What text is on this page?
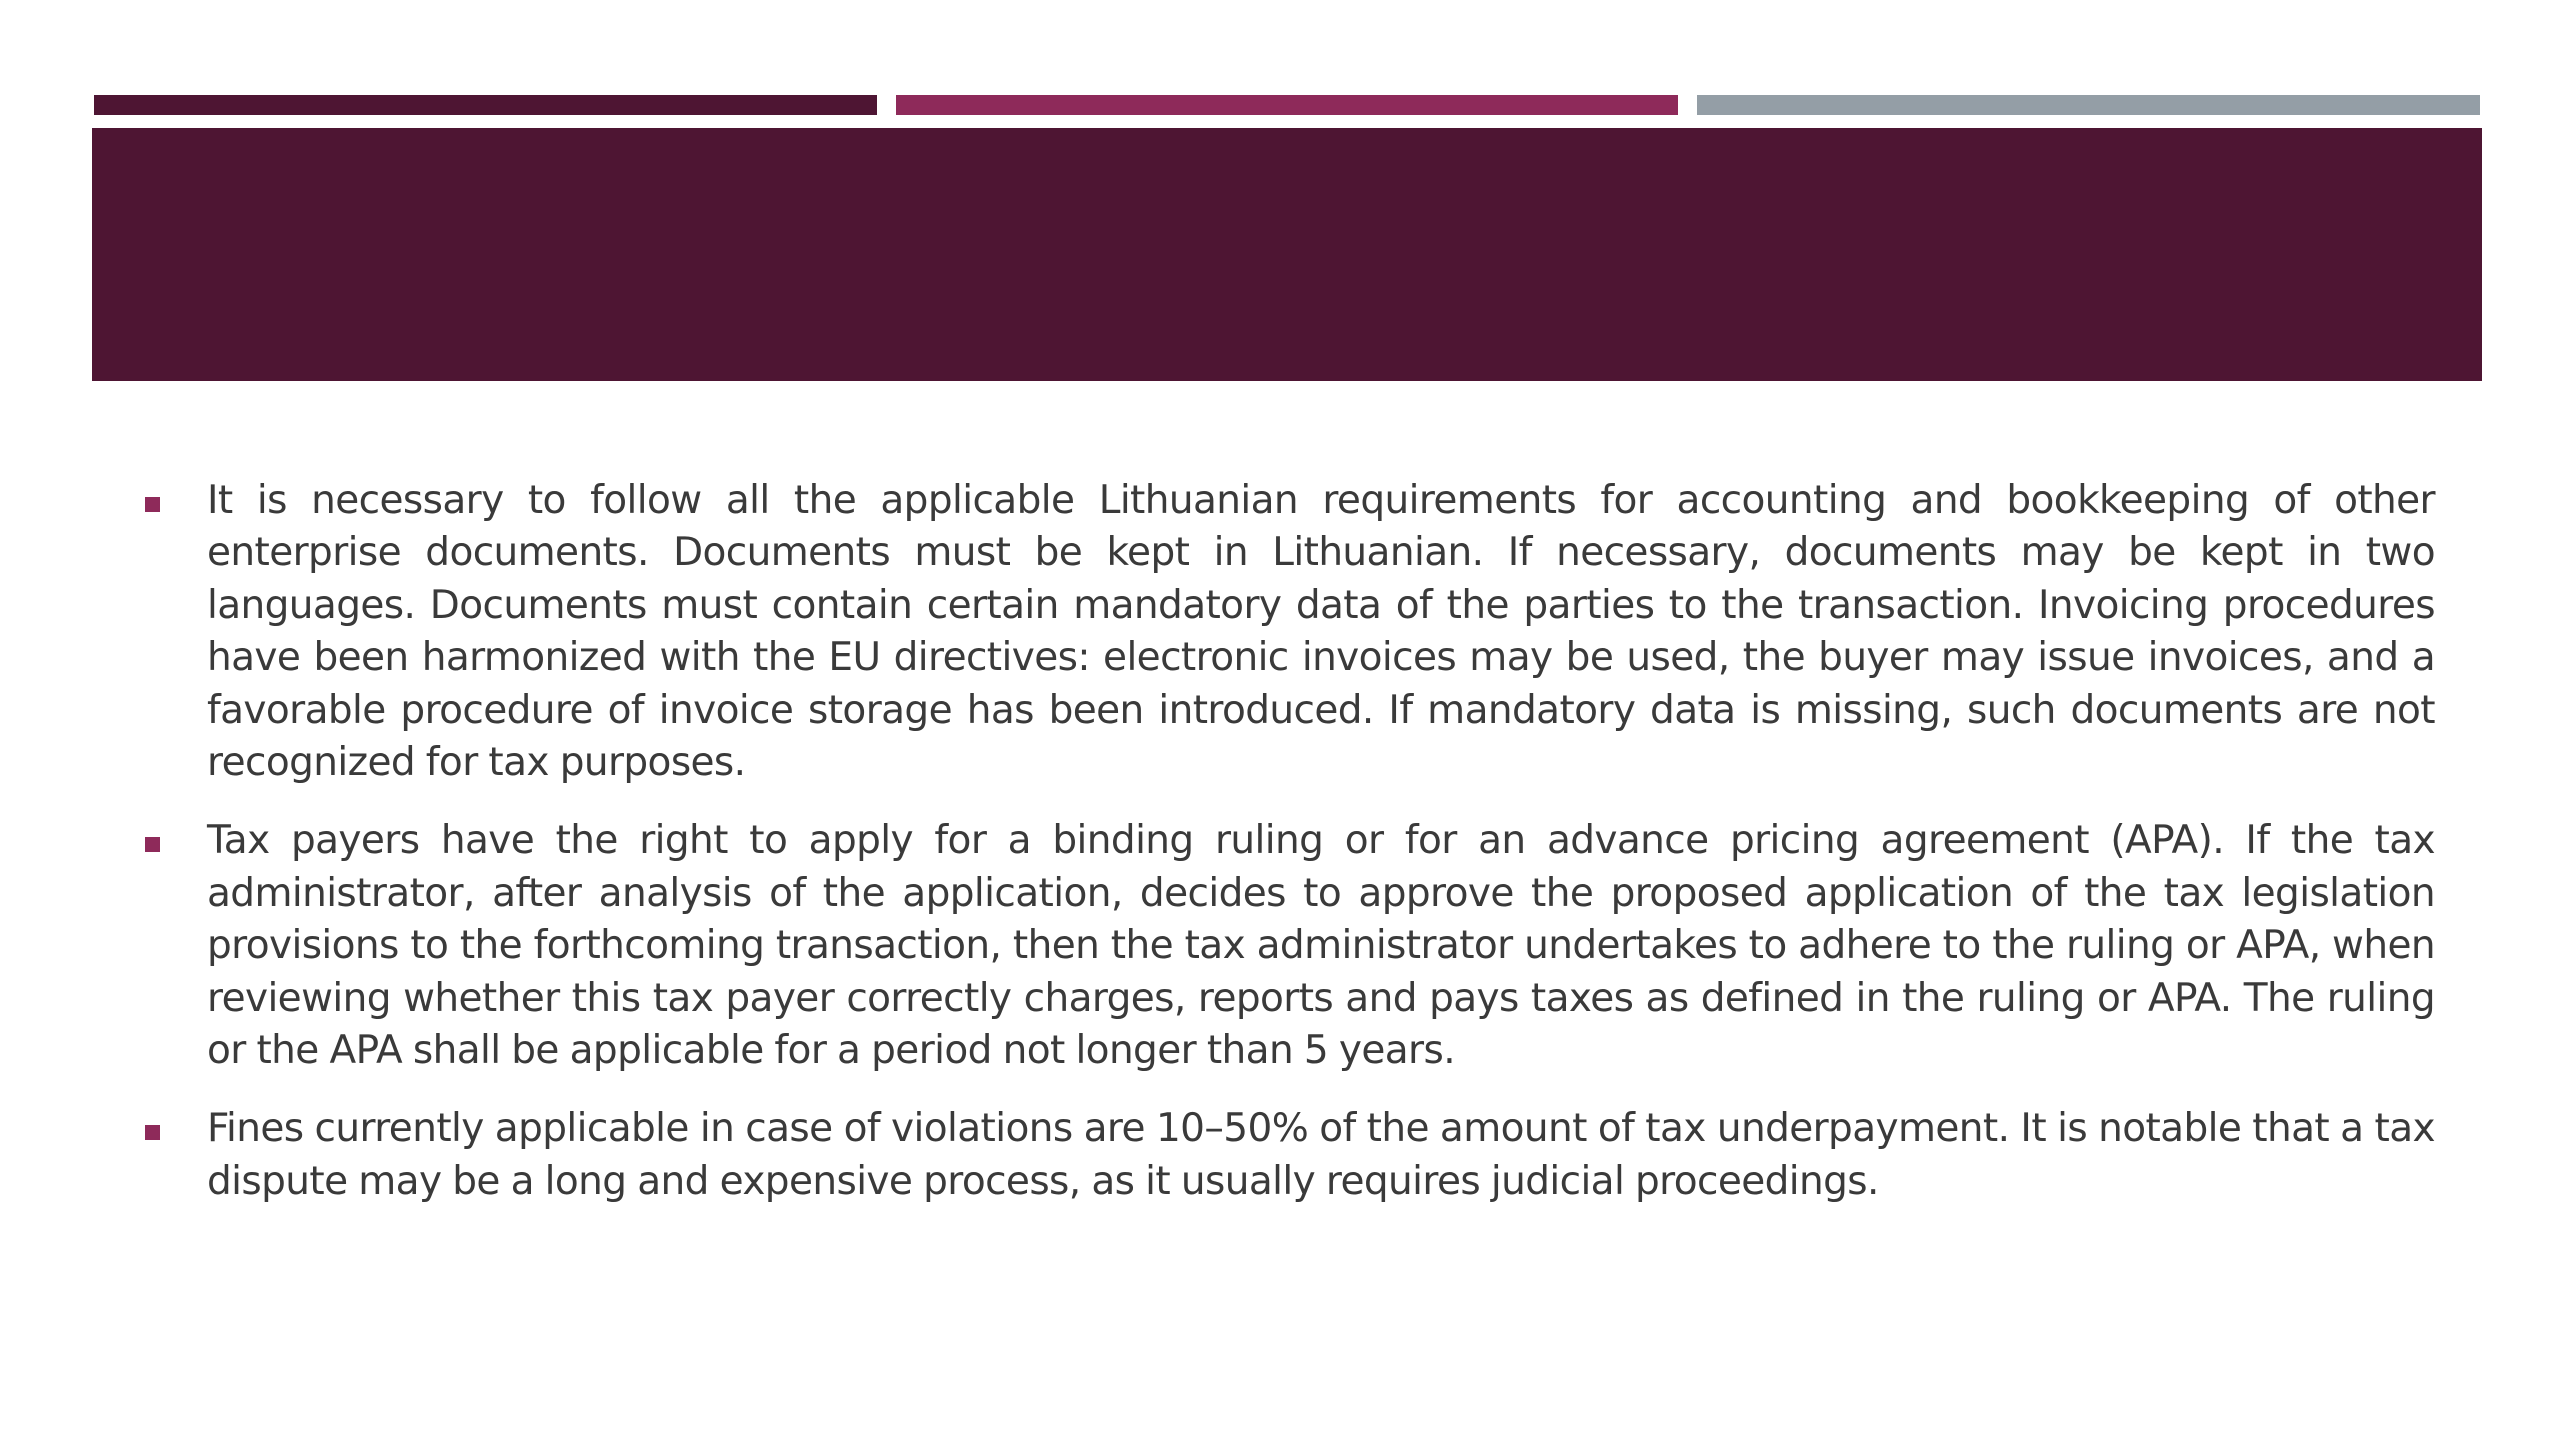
It is necessary to follow all the applicable Lithuanian requirements for accounting and bookkeeping of other enterprise documents. Documents must be kept in Lithuanian. If necessary, documents may be kept in two languages. Documents must contain certain mandatory data of the parties to the transaction. Invoicing procedures have been harmonized with the EU directives: electronic invoices may be used, the buyer may issue invoices, and a favorable procedure of invoice storage has been introduced. If mandatory data is missing, such documents are not recognized for tax purposes.

Tax payers have the right to apply for a binding ruling or for an advance pricing agreement (APA). If the tax administrator, after analysis of the application, decides to approve the proposed application of the tax legislation provisions to the forthcoming transaction, then the tax administrator undertakes to adhere to the ruling or APA, when reviewing whether this tax payer correctly charges, reports and pays taxes as defined in the ruling or APA. The ruling or the APA shall be applicable for a period not longer than 5 years.

Fines currently applicable in case of violations are 10–50% of the amount of tax underpayment. It is notable that a tax dispute may be a long and expensive process, as it usually requires judicial proceedings.
